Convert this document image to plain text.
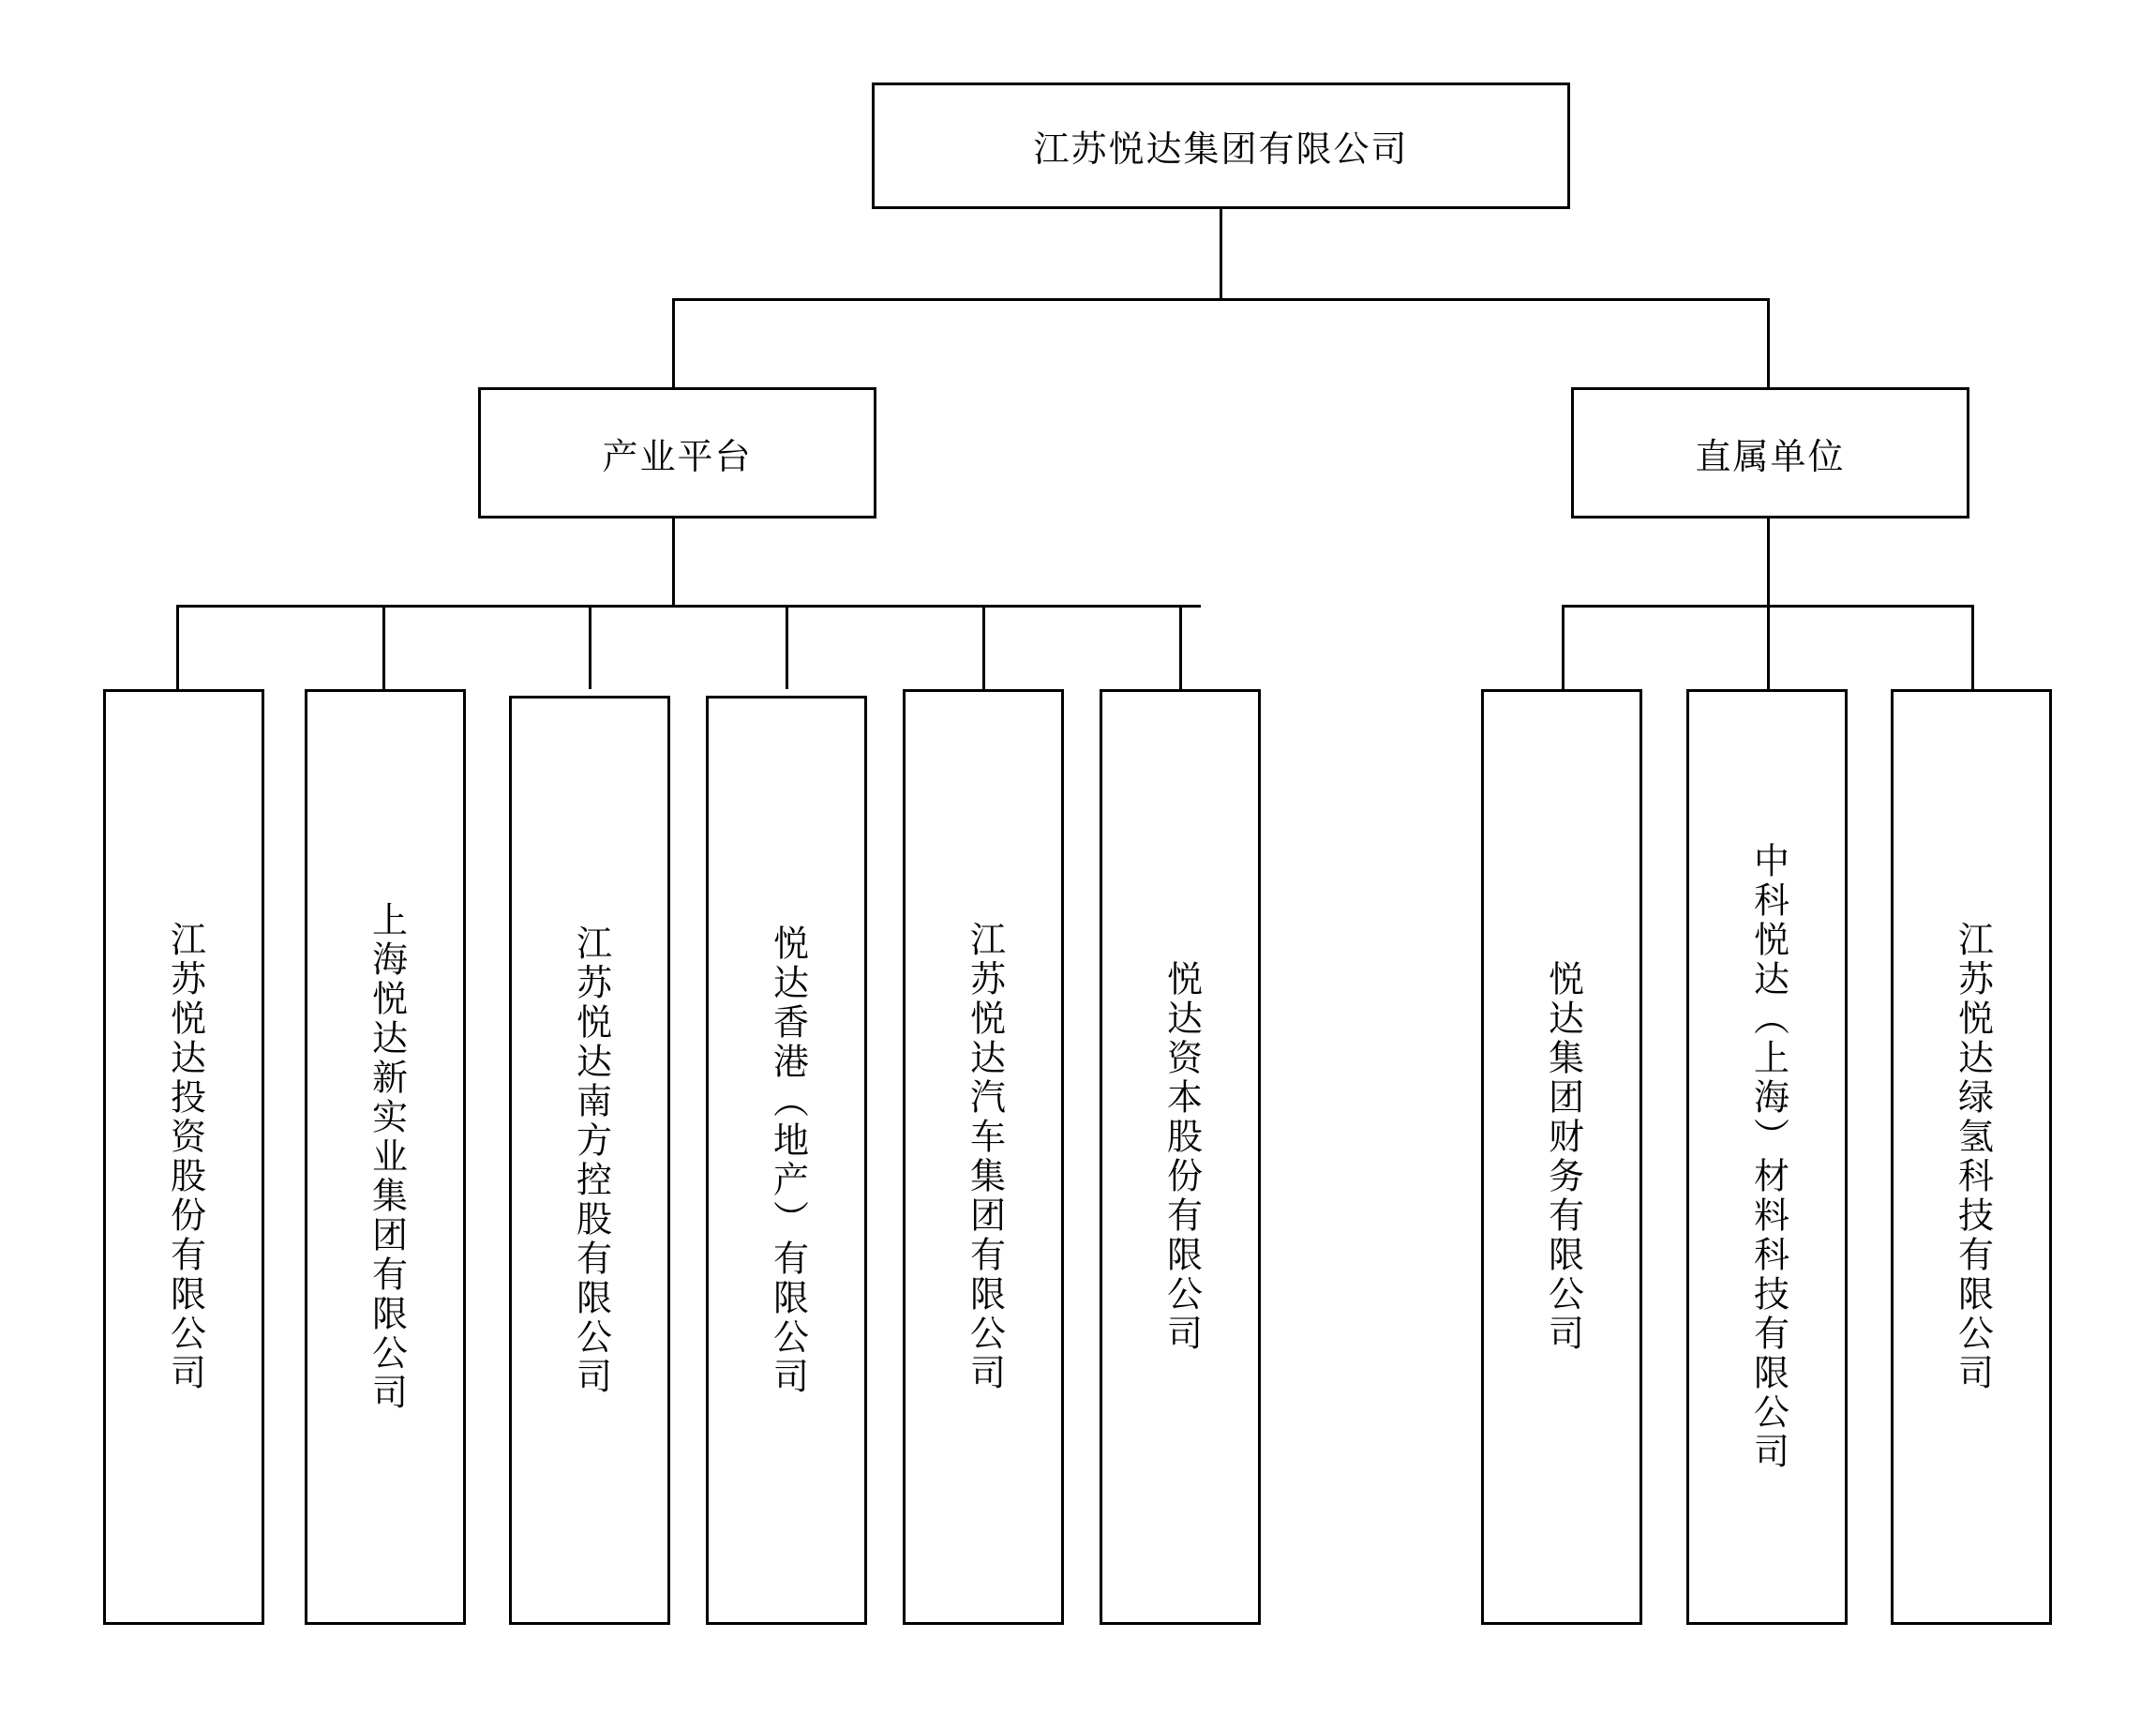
江苏悦达集团有限公司
产业平台	直属单位
江苏悦达投资股份有限公司	上海悦达新实业集团有限公司	江苏悦达南方控股有限公司	悦达香港（地产）有限公司	江苏悦达汽车集团有限公司	悦达资本股份有限公司	悦达集团财务有限公司	中科悦达（上海）材料科技有限公司	江苏悦达绿氢科技有限公司
